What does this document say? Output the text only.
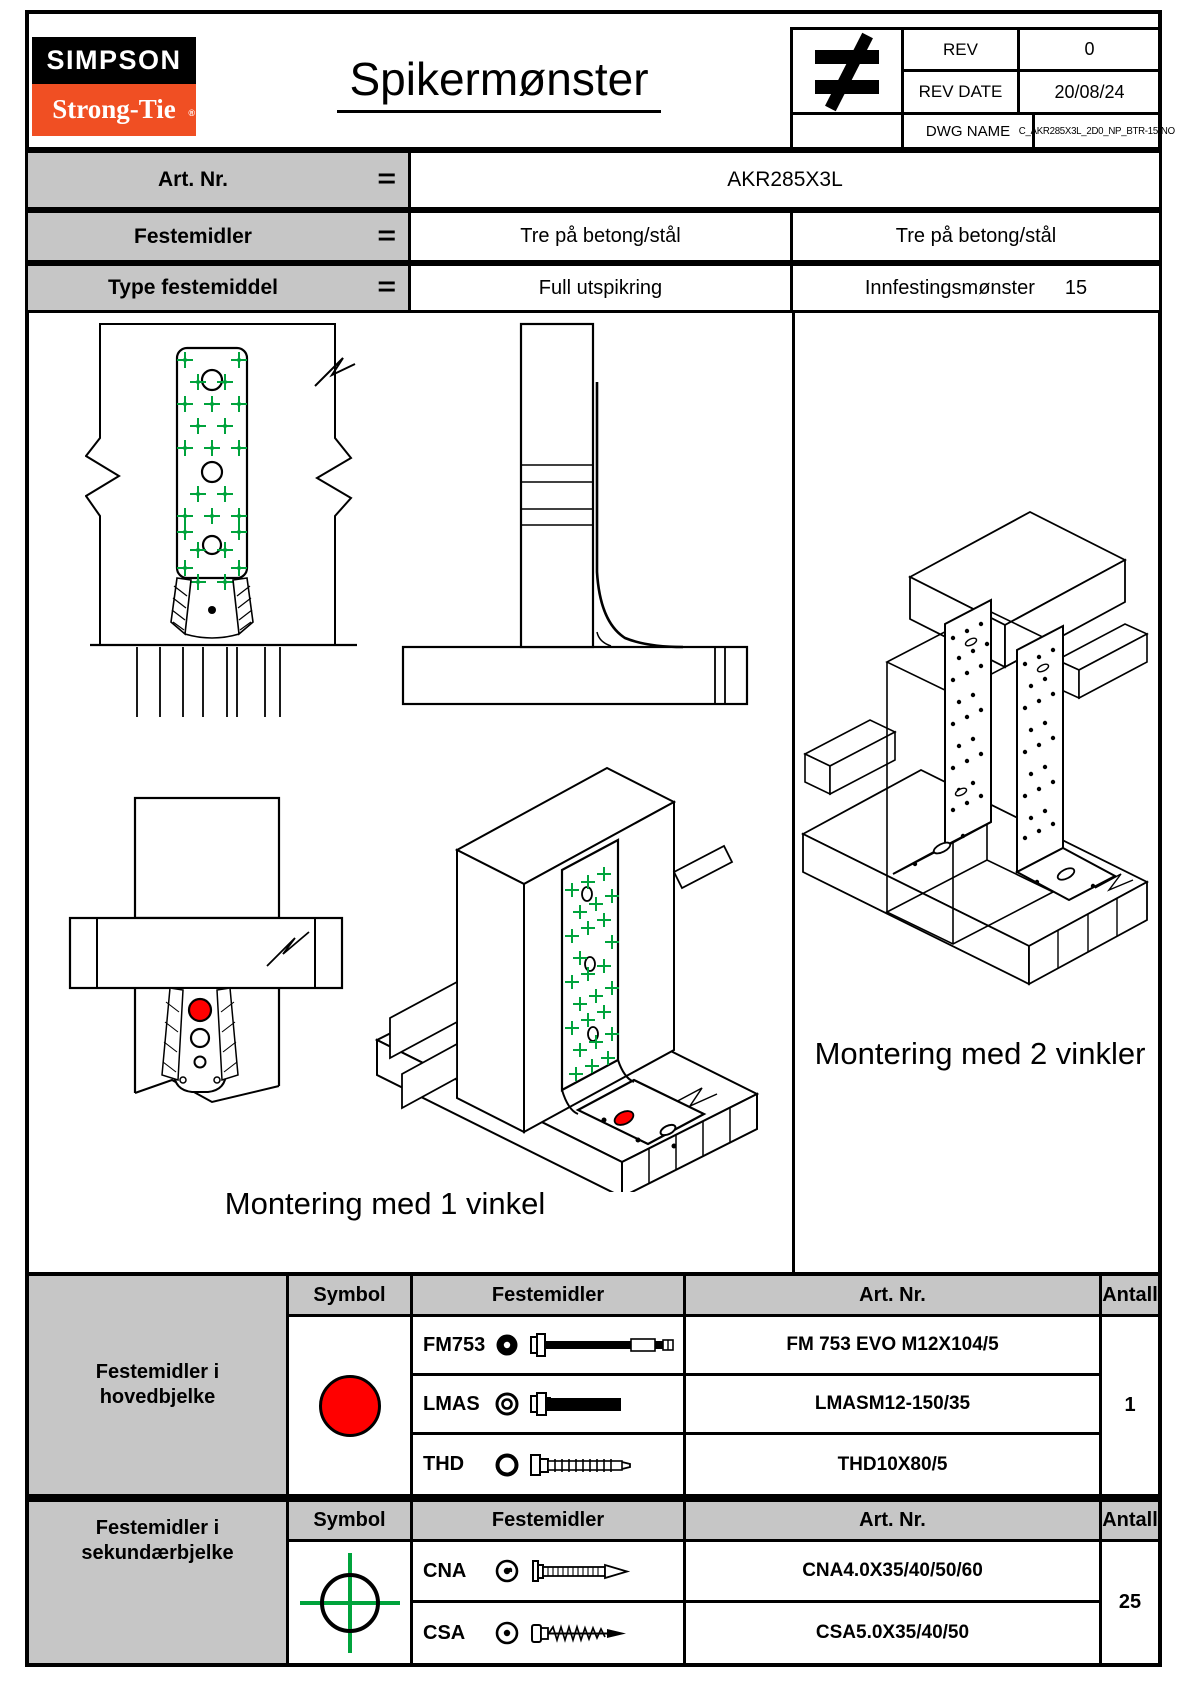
SIMPSON
Strong-Tie ®
Spikermønster
REV	0
REV DATE	20/08/24
DWG NAME C_AKR285X3L_2D0_NP_BTR-15-NO
Art. Nr.	=	AKR285X3L
Festemidler	=	Tre på betong/stål	Tre på betong/stål
Type festemiddel	=	Full utspikring	Innfestingsmønster 15
Montering med 1 vinkel
Montering med 2 vinkler
Festemidler i hovedbjelke
Symbol	Festemidler	Art. Nr.	Antall
FM753	FM 753 EVO M12X104/5
LMAS	LMASM12-150/35
THD	THD10X80/5
1
Festemidler i sekundærbjelke
Symbol	Festemidler	Art. Nr.	Antall
CNA	CNA4.0X35/40/50/60
CSA	CSA5.0X35/40/50
25
